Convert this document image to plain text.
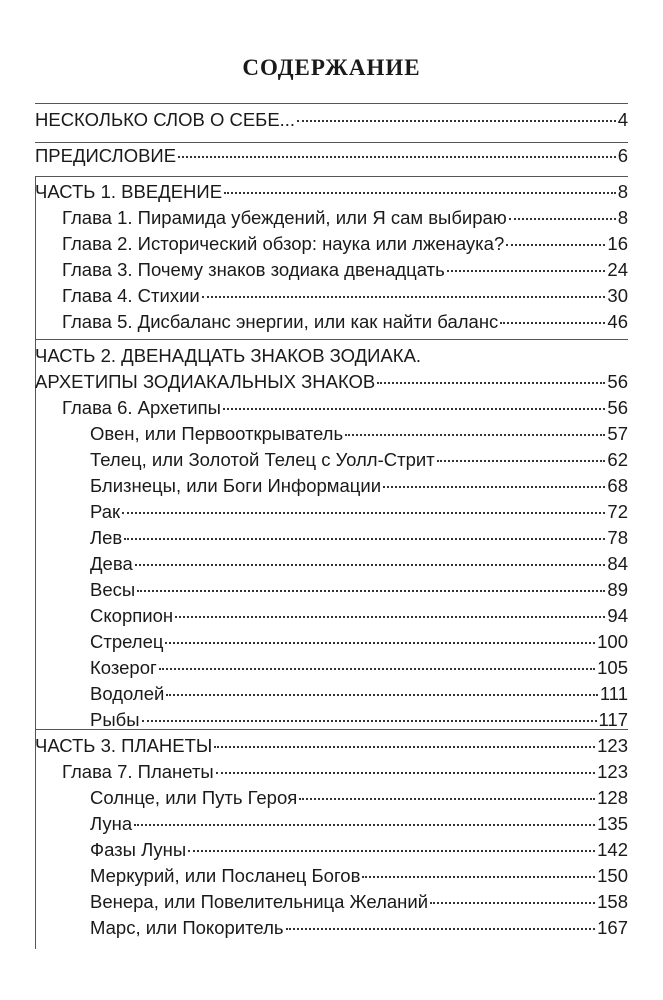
СОДЕРЖАНИЕ
НЕСКОЛЬКО СЛОВ О СЕБЕ...	4
ПРЕДИСЛОВИЕ	6
ЧАСТЬ 1. ВВЕДЕНИЕ	8
Глава 1. Пирамида убеждений, или Я сам выбираю	8
Глава 2. Исторический обзор: наука или лженаука?	16
Глава 3. Почему знаков зодиака двенадцать	24
Глава 4. Стихии	30
Глава 5. Дисбаланс энергии, или как найти баланс	46
ЧАСТЬ 2. ДВЕНАДЦАТЬ ЗНАКОВ ЗОДИАКА.
АРХЕТИПЫ ЗОДИАКАЛЬНЫХ ЗНАКОВ	56
Глава 6. Архетипы	56
Овен, или Первооткрыватель	57
Телец, или Золотой Телец с Уолл-Стрит	62
Близнецы, или Боги Информации	68
Рак	72
Лев	78
Дева	84
Весы	89
Скорпион	94
Стрелец	100
Козерог	105
Водолей	111
Рыбы	117
ЧАСТЬ 3. ПЛАНЕТЫ	123
Глава 7. Планеты	123
Солнце, или Путь Героя	128
Луна	135
Фазы Луны	142
Меркурий, или Посланец Богов	150
Венера, или Повелительница Желаний	158
Марс, или Покоритель	167
